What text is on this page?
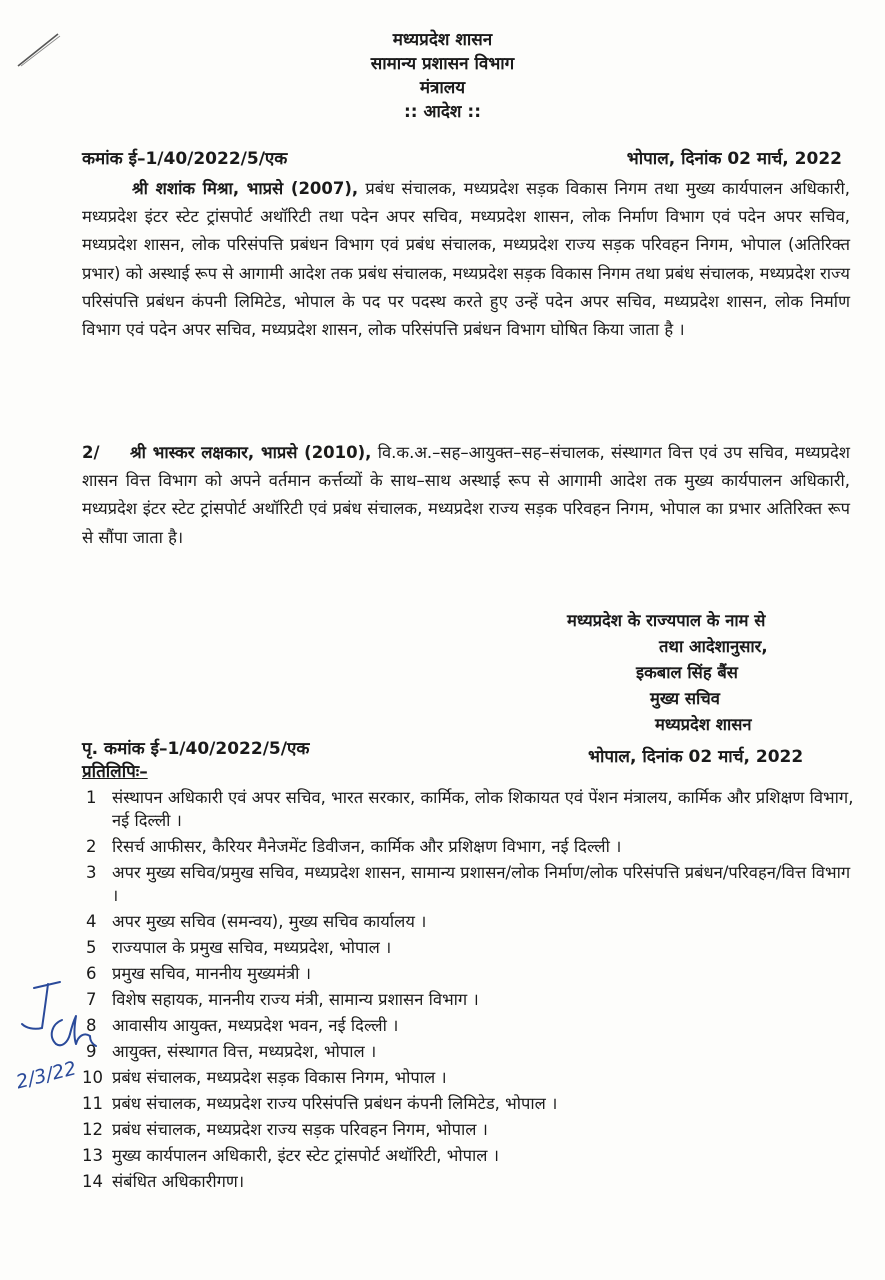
मध्यप्रदेश शासन
सामान्य प्रशासन विभाग
मंत्रालय
:: आदेश ::
कमांक ई–1/40/2022/5/एक	भोपाल, दिनांक 02 मार्च, 2022
श्री शशांक मिश्रा, भाप्रसे (2007), प्रबंध संचालक, मध्यप्रदेश सड़क विकास निगम तथा मुख्य कार्यपालन अधिकारी, मध्यप्रदेश इंटर स्टेट ट्रांसपोर्ट अथॉरिटी तथा पदेन अपर सचिव, मध्यप्रदेश शासन, लोक निर्माण विभाग एवं पदेन अपर सचिव, मध्यप्रदेश शासन, लोक परिसंपत्ति प्रबंधन विभाग एवं प्रबंध संचालक, मध्यप्रदेश राज्य सड़क परिवहन निगम, भोपाल (अतिरिक्त प्रभार) को अस्थाई रूप से आगामी आदेश तक प्रबंध संचालक, मध्यप्रदेश सड़क विकास निगम तथा प्रबंध संचालक, मध्यप्रदेश राज्य परिसंपत्ति प्रबंधन कंपनी लिमिटेड, भोपाल के पद पर पदस्थ करते हुए उन्हें पदेन अपर सचिव, मध्यप्रदेश शासन, लोक निर्माण विभाग एवं पदेन अपर सचिव, मध्यप्रदेश शासन, लोक परिसंपत्ति प्रबंधन विभाग घोषित किया जाता है ।
2/ श्री भास्कर लक्षकार, भाप्रसे (2010), वि.क.अ.–सह–आयुक्त–सह–संचालक, संस्थागत वित्त एवं उप सचिव, मध्यप्रदेश शासन वित्त विभाग को अपने वर्तमान कर्त्तव्यों के साथ–साथ अस्थाई रूप से आगामी आदेश तक मुख्य कार्यपालन अधिकारी, मध्यप्रदेश इंटर स्टेट ट्रांसपोर्ट अथॉरिटी एवं प्रबंध संचालक, मध्यप्रदेश राज्य सड़क परिवहन निगम, भोपाल का प्रभार अतिरिक्त रूप से सौंपा जाता है।
मध्यप्रदेश के राज्यपाल के नाम से
तथा आदेशानुसार,
इकबाल सिंह बैंस
मुख्य सचिव
मध्यप्रदेश शासन
पृ. कमांक ई–1/40/2022/5/एक	भोपाल, दिनांक 02 मार्च, 2022
प्रतिलिपिः–
1 संस्थापन अधिकारी एवं अपर सचिव, भारत सरकार, कार्मिक, लोक शिकायत एवं पेंशन मंत्रालय, कार्मिक और प्रशिक्षण विभाग, नई दिल्ली ।
2 रिसर्च आफीसर, कैरियर मैनेजमेंट डिवीजन, कार्मिक और प्रशिक्षण विभाग, नई दिल्ली ।
3 अपर मुख्य सचिव/प्रमुख सचिव, मध्यप्रदेश शासन, सामान्य प्रशासन/लोक निर्माण/लोक परिसंपत्ति प्रबंधन/परिवहन/वित्त विभाग ।
4 अपर मुख्य सचिव (समन्वय), मुख्य सचिव कार्यालय ।
5 राज्यपाल के प्रमुख सचिव, मध्यप्रदेश, भोपाल ।
6 प्रमुख सचिव, माननीय मुख्यमंत्री ।
7 विशेष सहायक, माननीय राज्य मंत्री, सामान्य प्रशासन विभाग ।
8 आवासीय आयुक्त, मध्यप्रदेश भवन, नई दिल्ली ।
9 आयुक्त, संस्थागत वित्त, मध्यप्रदेश, भोपाल ।
10 प्रबंध संचालक, मध्यप्रदेश सड़क विकास निगम, भोपाल ।
11 प्रबंध संचालक, मध्यप्रदेश राज्य परिसंपत्ति प्रबंधन कंपनी लिमिटेड, भोपाल ।
12 प्रबंध संचालक, मध्यप्रदेश राज्य सड़क परिवहन निगम, भोपाल ।
13 मुख्य कार्यपालन अधिकारी, इंटर स्टेट ट्रांसपोर्ट अथॉरिटी, भोपाल ।
14 संबंधित अधिकारीगण।
2/3/22
